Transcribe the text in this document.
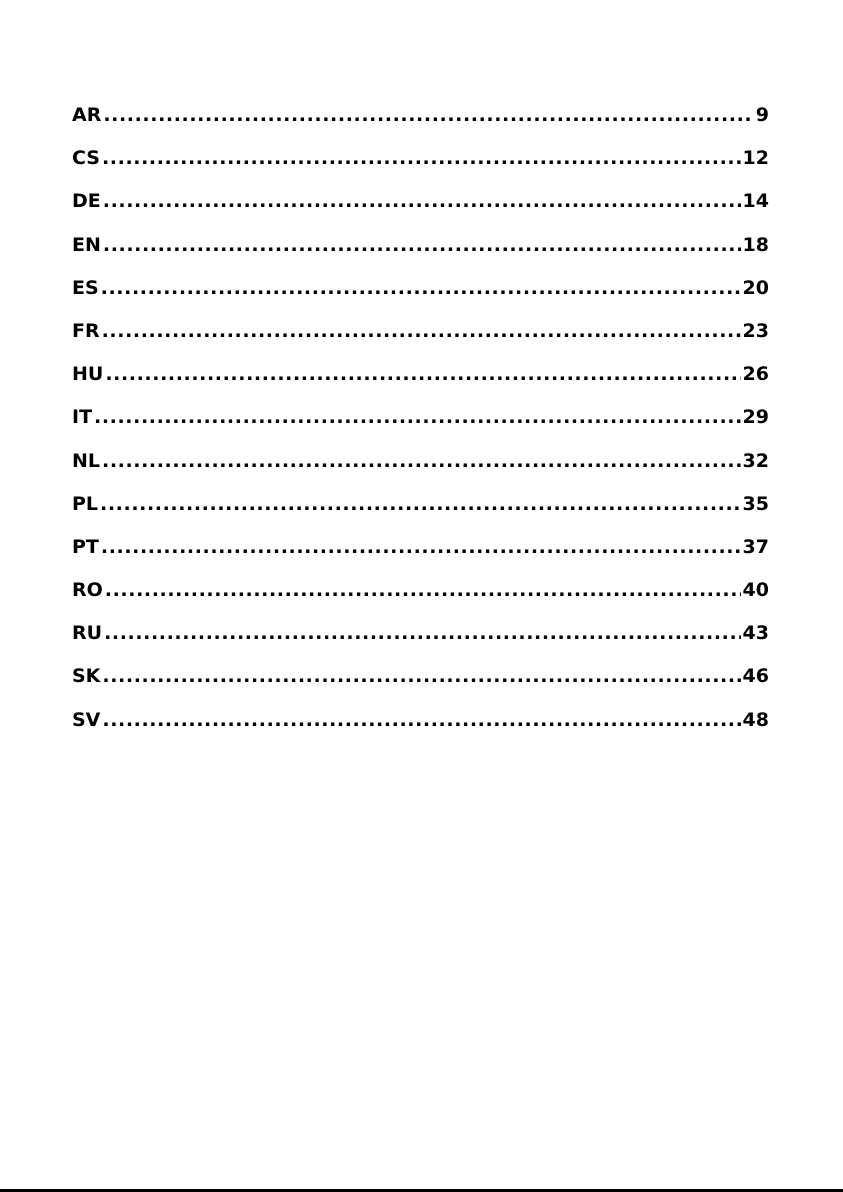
AR .....	9
CS .....	12
DE .....	14
EN .....	18
ES .....	20
FR .....	23
HU .....	26
IT .....	29
NL .....	32
PL .....	35
PT .....	37
RO .....	40
RU .....	43
SK .....	46
SV .....	48
